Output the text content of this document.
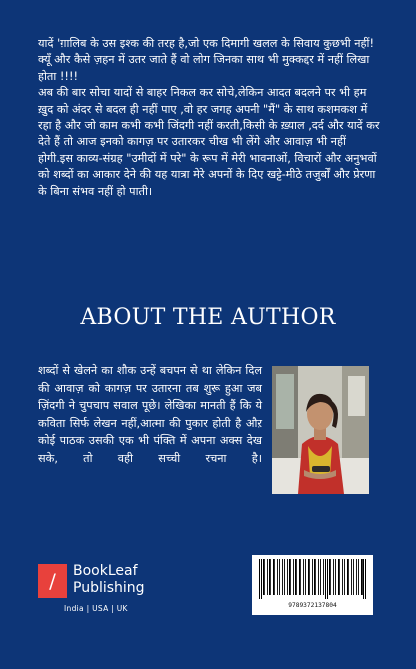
यादें 'ग़ालिब के उस इश्क की तरह है,जो एक दिमागी खलल के सिवाय कुछभी नहीं!

क्यूँ और कैसे ज़हन में उतर जाते हैं वो लोग जिनका साथ भी मुक्कद्दर में नहीं लिखा होता !!!!

अब की बार सोचा यादों से बाहर निकल कर सोचे,लेकिन आदत बदलने पर भी हम ख़ुद को अंदर से बदल ही नहीं पाए ,वो हर जगह अपनी "मैं" के साथ कशमकश में रहा है और जो काम कभी कभी जिंदगी नहीं करती,किसी के ख़्याल ,दर्द और यादें कर देते हैं तो आज इनको कागज़ पर उतारकर चीख भी लेंगे और आवाज़ भी नहीं होगी.इस काव्य-संग्रह "उमीदों में परे" के रूप में मेरी भावनाओं, विचारों और अनुभवों को शब्दों का आकार देने की यह यात्रा मेरे अपनों के दिए खट्टे-मीठे तजुर्बों और प्रेरणा के बिना संभव नहीं हो पाती।

ABOUT THE AUTHOR
शब्दों से खेलने का शौक उन्हें बचपन से था लेकिन दिल की आवाज़ को कागज़ पर उतारना तब शुरू हुआ जब ज़िंदगी ने चुपचाप सवाल पूछे। लेखिका मानती हैं कि ये कविता सिर्फ लेखन नहीं,आत्मा की पुकार होती है औऱ कोई पाठक उसकी एक भी पंक्ति में अपना अक्स देख सके, तो वही सच्ची रचना है।
/	BookLeaf
Publishing
India | USA | UK	9789372137804
